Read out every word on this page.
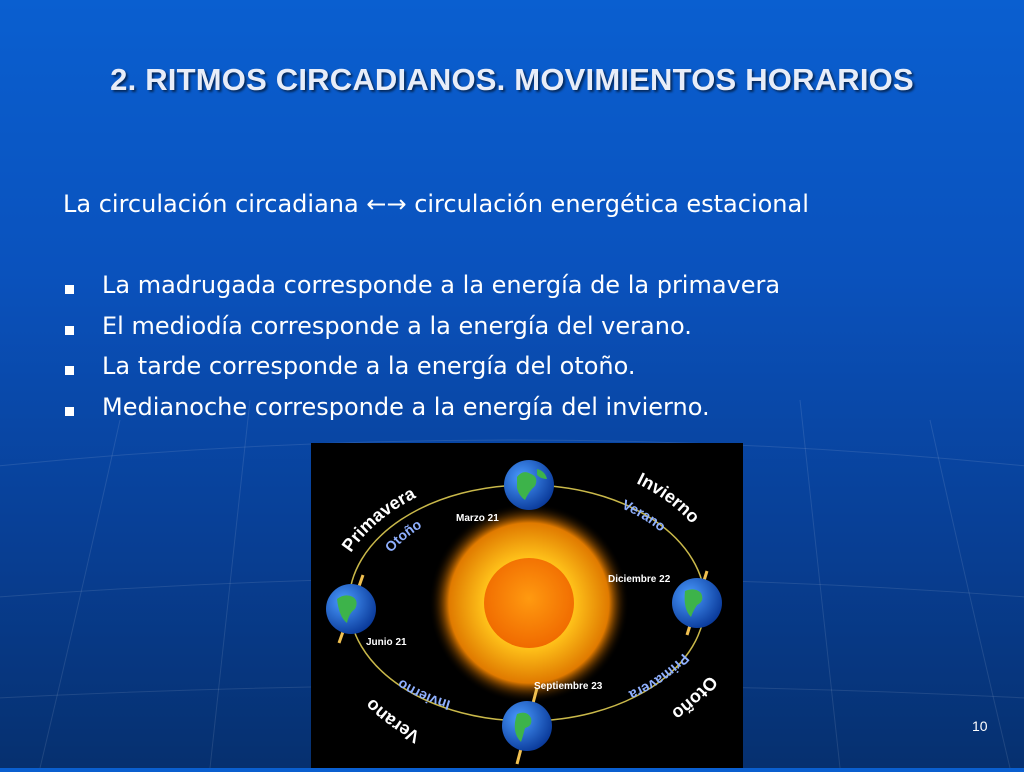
2. RITMOS CIRCADIANOS. MOVIMIENTOS HORARIOS
La circulación circadiana ←→ circulación energética estacional
La madrugada corresponde a la energía de la primavera
El mediodía corresponde a la energía del verano.
La tarde corresponde a la energía del otoño.
Medianoche corresponde a la energía del invierno.
Primavera
Otoño
Invierno
Verano
Otoño
Primavera
Verano	Invierno
Marzo 21
Diciembre 22
Junio 21
Septiembre 23
10
